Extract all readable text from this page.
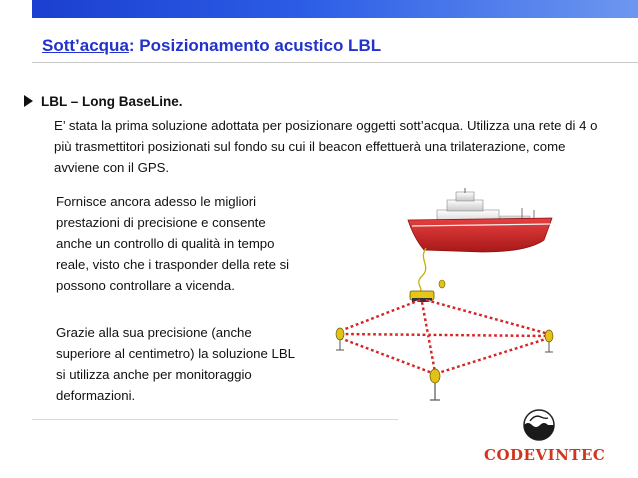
Sott’acqua: Posizionamento acustico LBL
LBL – Long BaseLine.
E’ stata la prima soluzione adottata per posizionare oggetti sott’acqua. Utilizza una rete di 4 o più trasmettitori posizionati sul fondo su cui il beacon effettuerà una trilaterazione, come avviene con il GPS.
Fornisce ancora adesso le migliori prestazioni di precisione e consente anche un controllo di qualità in tempo reale, visto che i trasponder della rete si possono controllare a vicenda.
Grazie alla sua precisione (anche superiore al centimetro) la soluzione LBL si utilizza anche per monitoraggio deformazioni.
CODEVINTEC
